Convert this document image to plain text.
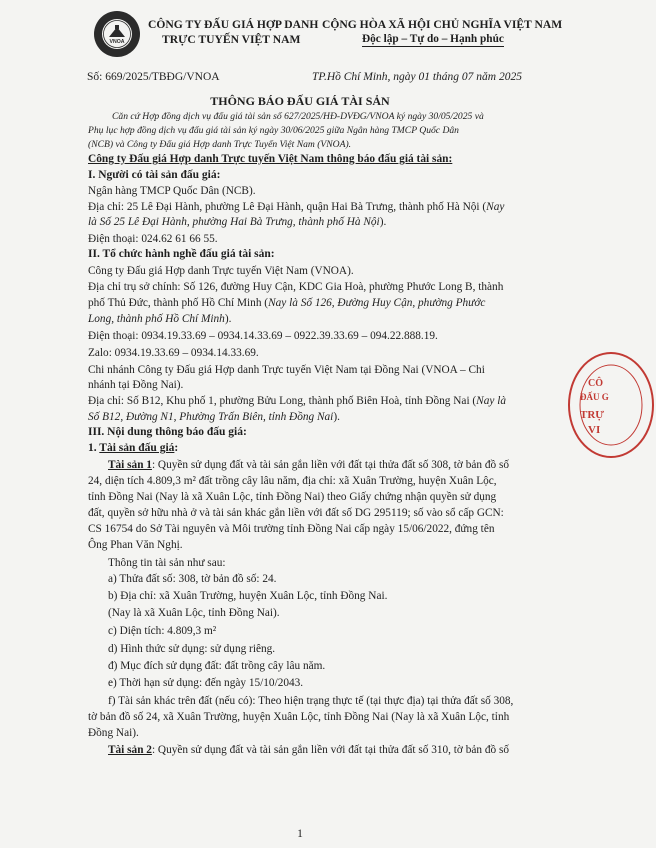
VNOA
CÔNG TY ĐẤU GIÁ HỢP DANH
TRỰC TUYẾN VIỆT NAM
CỘNG HÒA XÃ HỘI CHỦ NGHĨA VIỆT NAM
Độc lập – Tự do – Hạnh phúc
Số: 669/2025/TBĐG/VNOA	TP.Hồ Chí Minh, ngày 01 tháng 07 năm 2025
THÔNG BÁO ĐẤU GIÁ TÀI SẢN
Căn cứ Hợp đồng dịch vụ đấu giá tài sản số 627/2025/HĐ-DVĐG/VNOA ký ngày 30/05/2025 và
Phụ lục hợp đồng dịch vụ đấu giá tài sản ký ngày 30/06/2025 giữa Ngân hàng TMCP Quốc Dân
(NCB) và Công ty Đấu giá Hợp danh Trực Tuyến Việt Nam (VNOA).
Công ty Đấu giá Hợp danh Trực tuyến Việt Nam thông báo đấu giá tài sản:
I. Người có tài sản đấu giá:
Ngân hàng TMCP Quốc Dân (NCB).
Địa chỉ: 25 Lê Đại Hành, phường Lê Đại Hành, quận Hai Bà Trưng, thành phố Hà Nội (Nay
là Số 25 Lê Đại Hành, phường Hai Bà Trưng, thành phố Hà Nội).
Điện thoại: 024.62 61 66 55.
II. Tổ chức hành nghề đấu giá tài sản:
Công ty Đấu giá Hợp danh Trực tuyến Việt Nam (VNOA).
Địa chỉ trụ sở chính: Số 126, đường Huy Cận, KDC Gia Hoà, phường Phước Long B, thành
phố Thủ Đức, thành phố Hồ Chí Minh (Nay là Số 126, Đường Huy Cận, phường Phước
Long, thành phố Hồ Chí Minh).
Điện thoại: 0934.19.33.69 – 0934.14.33.69 – 0922.39.33.69 – 094.22.888.19.
Zalo: 0934.19.33.69 – 0934.14.33.69.
Chi nhánh Công ty Đấu giá Hợp danh Trực tuyến Việt Nam tại Đồng Nai (VNOA – Chi
nhánh tại Đồng Nai).
Địa chỉ: Số B12, Khu phố 1, phường Bửu Long, thành phố Biên Hoà, tỉnh Đồng Nai (Nay là
Số B12, Đường N1, Phường Trấn Biên, tỉnh Đồng Nai).
III. Nội dung thông báo đấu giá:
1. Tài sản đấu giá:
Tài sản 1: Quyền sử dụng đất và tài sản gắn liền với đất tại thửa đất số 308, tờ bản đồ số
24, diện tích 4.809,3 m² đất trồng cây lâu năm, địa chỉ: xã Xuân Trường, huyện Xuân Lộc,
tỉnh Đồng Nai (Nay là xã Xuân Lộc, tỉnh Đồng Nai) theo Giấy chứng nhận quyền sử dụng
đất, quyền sở hữu nhà ở và tài sản khác gắn liền với đất số DG 295119; số vào sổ cấp GCN:
CS 16754 do Sở Tài nguyên và Môi trường tỉnh Đồng Nai cấp ngày 15/06/2022, đứng tên
Ông Phan Văn Nghị.
Thông tin tài sản như sau:
a) Thửa đất số: 308, tờ bản đồ số: 24.
b) Địa chỉ: xã Xuân Trường, huyện Xuân Lộc, tỉnh Đồng Nai.
(Nay là xã Xuân Lộc, tỉnh Đồng Nai).
c) Diện tích: 4.809,3 m²
d) Hình thức sử dụng: sử dụng riêng.
đ) Mục đích sử dụng đất: đất trồng cây lâu năm.
e) Thời hạn sử dụng: đến ngày 15/10/2043.
f) Tài sản khác trên đất (nếu có): Theo hiện trạng thực tế (tại thực địa) tại thửa đất số 308,
tờ bản đồ số 24, xã Xuân Trường, huyện Xuân Lộc, tỉnh Đồng Nai (Nay là xã Xuân Lộc, tỉnh
Đồng Nai).
Tài sản 2: Quyền sử dụng đất và tài sản gắn liền với đất tại thửa đất số 310, tờ bản đồ số
1
CÔ
ĐẤU G
TRỰ
VI
